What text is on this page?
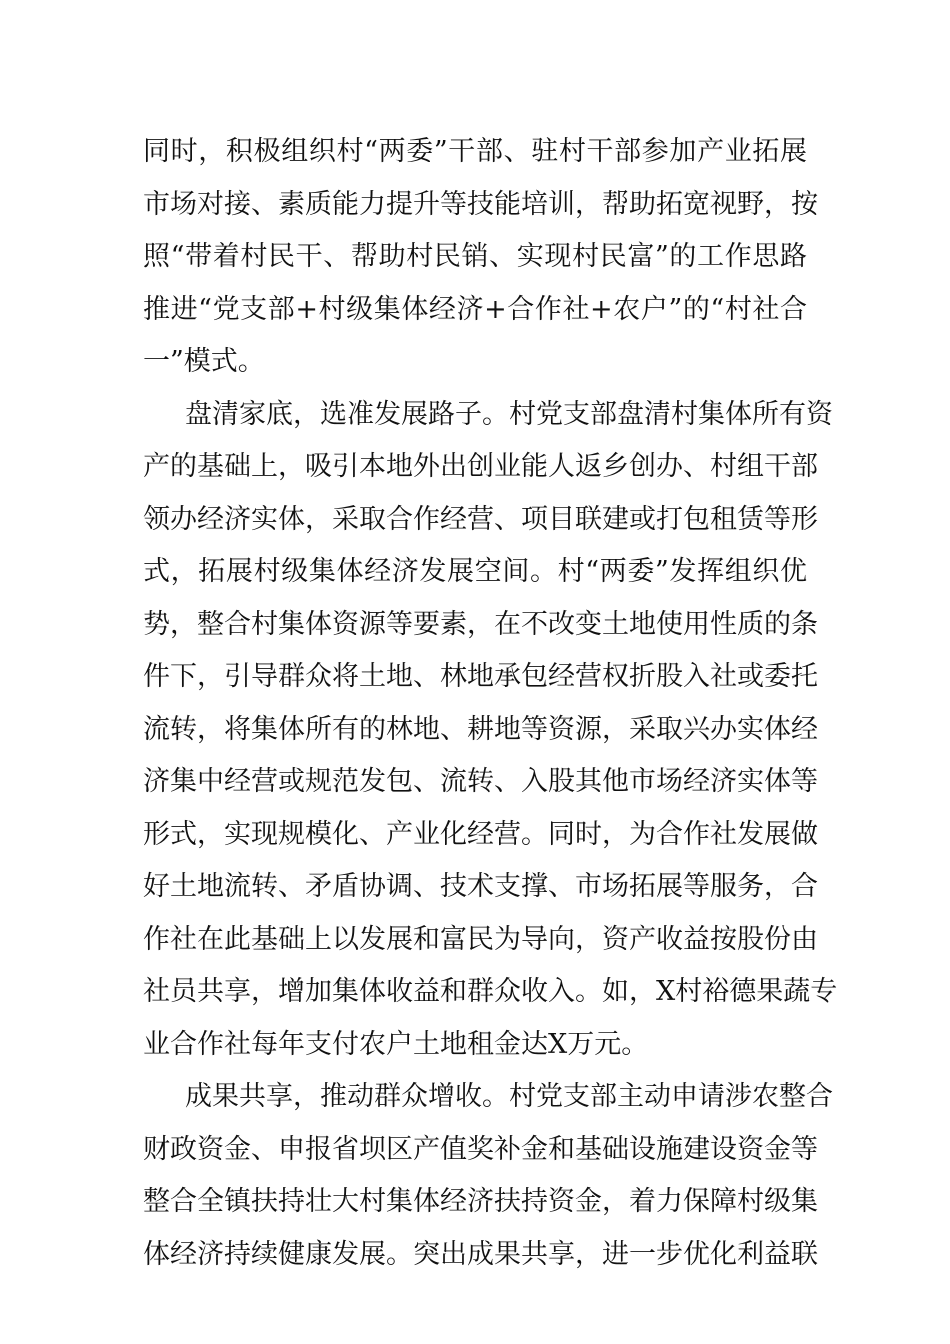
同时，积极组织村“两委”干部、驻村干部参加产业拓展
市场对接、素质能力提升等技能培训，帮助拓宽视野，按
照“带着村民干、帮助村民销、实现村民富”的工作思路
推进“党支部+村级集体经济+合作社+农户”的“村社合
一”模式。
盘清家底，选准发展路子。村党支部盘清村集体所有资
产的基础上，吸引本地外出创业能人返乡创办、村组干部
领办经济实体，采取合作经营、项目联建或打包租赁等形
式，拓展村级集体经济发展空间。村“两委”发挥组织优
势，整合村集体资源等要素，在不改变土地使用性质的条
件下，引导群众将土地、林地承包经营权折股入社或委托
流转，将集体所有的林地、耕地等资源，采取兴办实体经
济集中经营或规范发包、流转、入股其他市场经济实体等
形式，实现规模化、产业化经营。同时，为合作社发展做
好土地流转、矛盾协调、技术支撑、市场拓展等服务，合
作社在此基础上以发展和富民为导向，资产收益按股份由
社员共享，增加集体收益和群众收入。如，X村裕德果蔬专
业合作社每年支付农户土地租金达X万元。
成果共享，推动群众增收。村党支部主动申请涉农整合
财政资金、申报省坝区产值奖补金和基础设施建设资金等
整合全镇扶持壮大村集体经济扶持资金，着力保障村级集
体经济持续健康发展。突出成果共享，进一步优化利益联
